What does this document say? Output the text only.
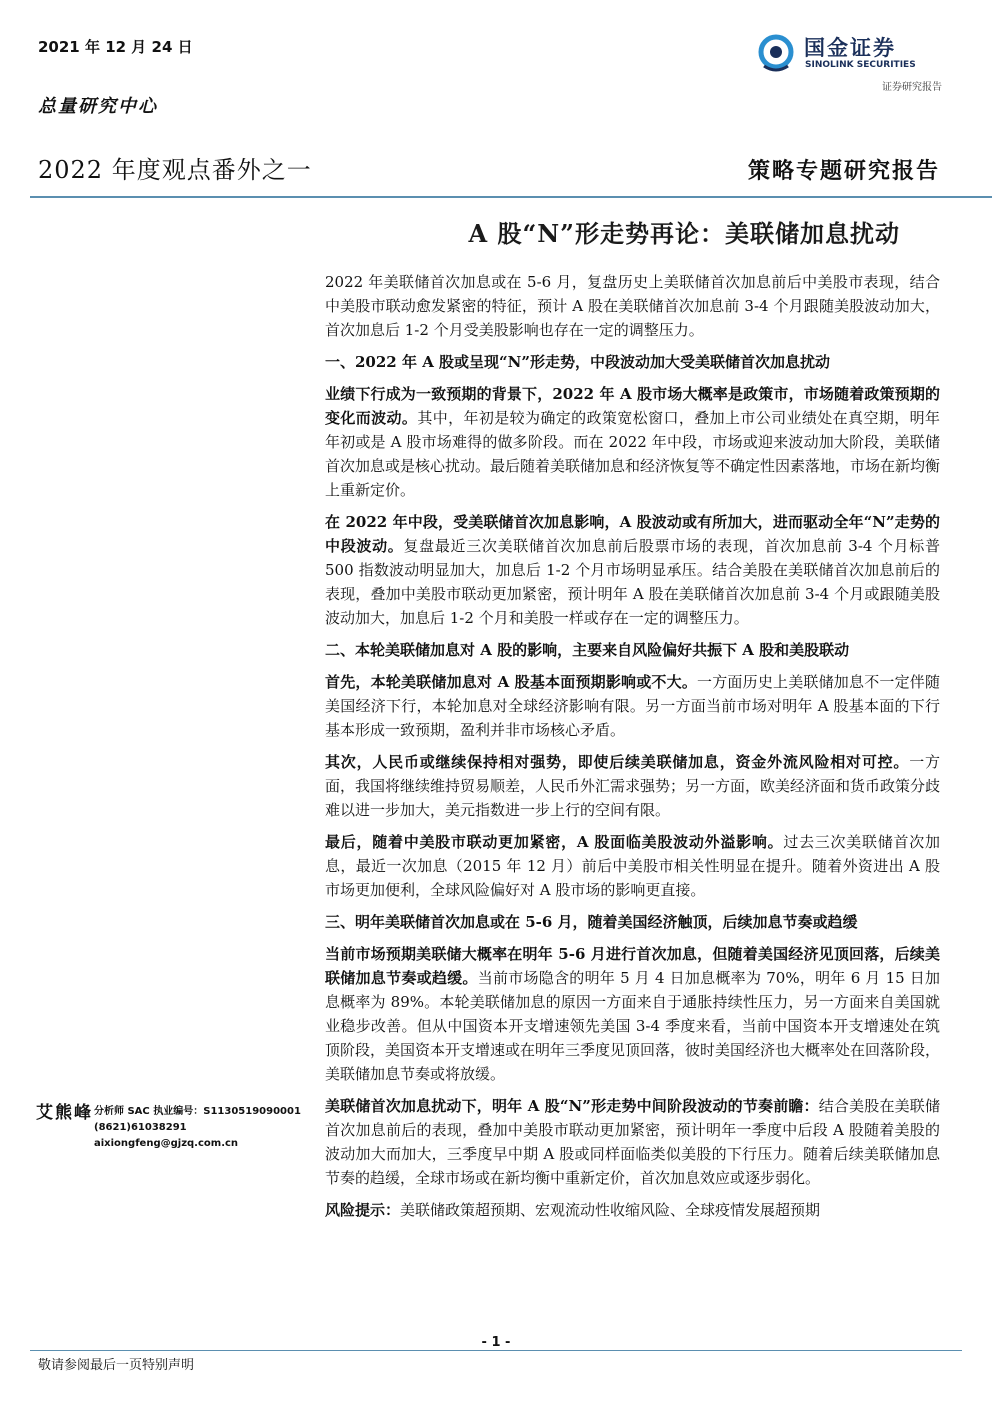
2021 年 12 月 24 日
总量研究中心
2022 年度观点番外之一	策略专题研究报告
国金证券
SINOLINK SECURITIES
证券研究报告
A 股“N”形走势再论：美联储加息扰动

2022 年美联储首次加息或在 5-6 月，复盘历史上美联储首次加息前后中美股市表现，结合中美股市联动愈发紧密的特征，预计 A 股在美联储首次加息前 3-4 个月跟随美股波动加大，首次加息后 1-2 个月受美股影响也存在一定的调整压力。

一、2022 年 A 股或呈现“N”形走势，中段波动加大受美联储首次加息扰动

业绩下行成为一致预期的背景下，2022 年 A 股市场大概率是政策市，市场随着政策预期的变化而波动。其中，年初是较为确定的政策宽松窗口，叠加上市公司业绩处在真空期，明年年初或是 A 股市场难得的做多阶段。而在 2022 年中段，市场或迎来波动加大阶段，美联储首次加息或是核心扰动。最后随着美联储加息和经济恢复等不确定性因素落地，市场在新均衡上重新定价。

在 2022 年中段，受美联储首次加息影响，A 股波动或有所加大，进而驱动全年“N”走势的中段波动。复盘最近三次美联储首次加息前后股票市场的表现，首次加息前 3-4 个月标普 500 指数波动明显加大，加息后 1-2 个月市场明显承压。结合美股在美联储首次加息前后的表现，叠加中美股市联动更加紧密，预计明年 A 股在美联储首次加息前 3-4 个月或跟随美股波动加大，加息后 1-2 个月和美股一样或存在一定的调整压力。

二、本轮美联储加息对 A 股的影响，主要来自风险偏好共振下 A 股和美股联动

首先，本轮美联储加息对 A 股基本面预期影响或不大。一方面历史上美联储加息不一定伴随美国经济下行，本轮加息对全球经济影响有限。另一方面当前市场对明年 A 股基本面的下行基本形成一致预期，盈利并非市场核心矛盾。

其次，人民币或继续保持相对强势，即使后续美联储加息，资金外流风险相对可控。一方面，我国将继续维持贸易顺差，人民币外汇需求强势；另一方面，欧美经济面和货币政策分歧难以进一步加大，美元指数进一步上行的空间有限。

最后，随着中美股市联动更加紧密，A 股面临美股波动外溢影响。过去三次美联储首次加息，最近一次加息（2015 年 12 月）前后中美股市相关性明显在提升。随着外资进出 A 股市场更加便利，全球风险偏好对 A 股市场的影响更直接。

三、明年美联储首次加息或在 5-6 月，随着美国经济触顶，后续加息节奏或趋缓

当前市场预期美联储大概率在明年 5-6 月进行首次加息，但随着美国经济见顶回落，后续美联储加息节奏或趋缓。当前市场隐含的明年 5 月 4 日加息概率为 70%，明年 6 月 15 日加息概率为 89%。本轮美联储加息的原因一方面来自于通胀持续性压力，另一方面来自美国就业稳步改善。但从中国资本开支增速领先美国 3-4 季度来看，当前中国资本开支增速处在筑顶阶段，美国资本开支增速或在明年三季度见顶回落，彼时美国经济也大概率处在回落阶段，美联储加息节奏或将放缓。

美联储首次加息扰动下，明年 A 股“N”形走势中间阶段波动的节奏前瞻：结合美股在美联储首次加息前后的表现，叠加中美股市联动更加紧密，预计明年一季度中后段 A 股随着美股的波动加大而加大，三季度早中期 A 股或同样面临类似美股的下行压力。随着后续美联储加息节奏的趋缓，全球市场或在新均衡中重新定价，首次加息效应或逐步弱化。

风险提示：美联储政策超预期、宏观流动性收缩风险、全球疫情发展超预期

艾熊峰 分析师 SAC 执业编号：S1130519090001
(8621)61038291
aixiongfeng@gjzq.com.cn
- 1 -
敬请参阅最后一页特别声明
